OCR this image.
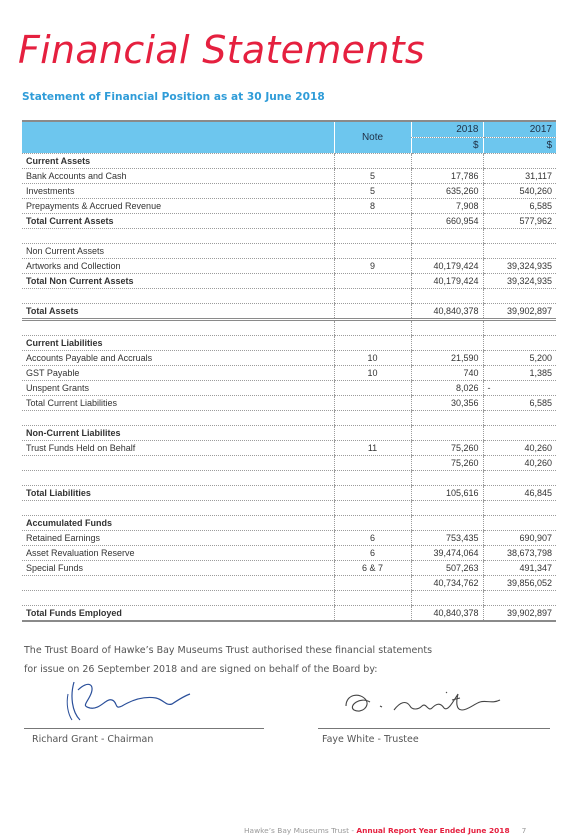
Financial Statements
Statement of Financial Position as at 30 June 2018
	Note	2018	2017
		$	$
Current Assets			
Bank Accounts and Cash	5	17,786	31,117
Investments	5	635,260	540,260
Prepayments & Accrued Revenue	8	7,908	6,585
Total Current Assets		660,954	577,962

Non Current Assets			
Artworks and Collection	9	40,179,424	39,324,935
Total Non Current Assets		40,179,424	39,324,935

Total Assets		40,840,378	39,902,897

Current Liabilities			
Accounts Payable and Accruals	10	21,590	5,200
GST Payable	10	740	1,385
Unspent Grants		8,026	-
Total Current Liabilities		30,356	6,585

Non-Current Liabilites			
Trust Funds Held on Behalf	11	75,260	40,260
		75,260	40,260

Total Liabilities		105,616	46,845

Accumulated Funds			
Retained Earnings	6	753,435	690,907
Asset Revaluation Reserve	6	39,474,064	38,673,798
Special Funds	6 & 7	507,263	491,347
		40,734,762	39,856,052

Total Funds Employed		40,840,378	39,902,897
The Trust Board of Hawke’s Bay Museums Trust authorised these financial statements
for issue on 26 September 2018 and are signed on behalf of the Board by:
Richard Grant - Chairman	Faye White - Trustee
Hawke’s Bay Museums Trust - Annual Report Year Ended June 2018 7
